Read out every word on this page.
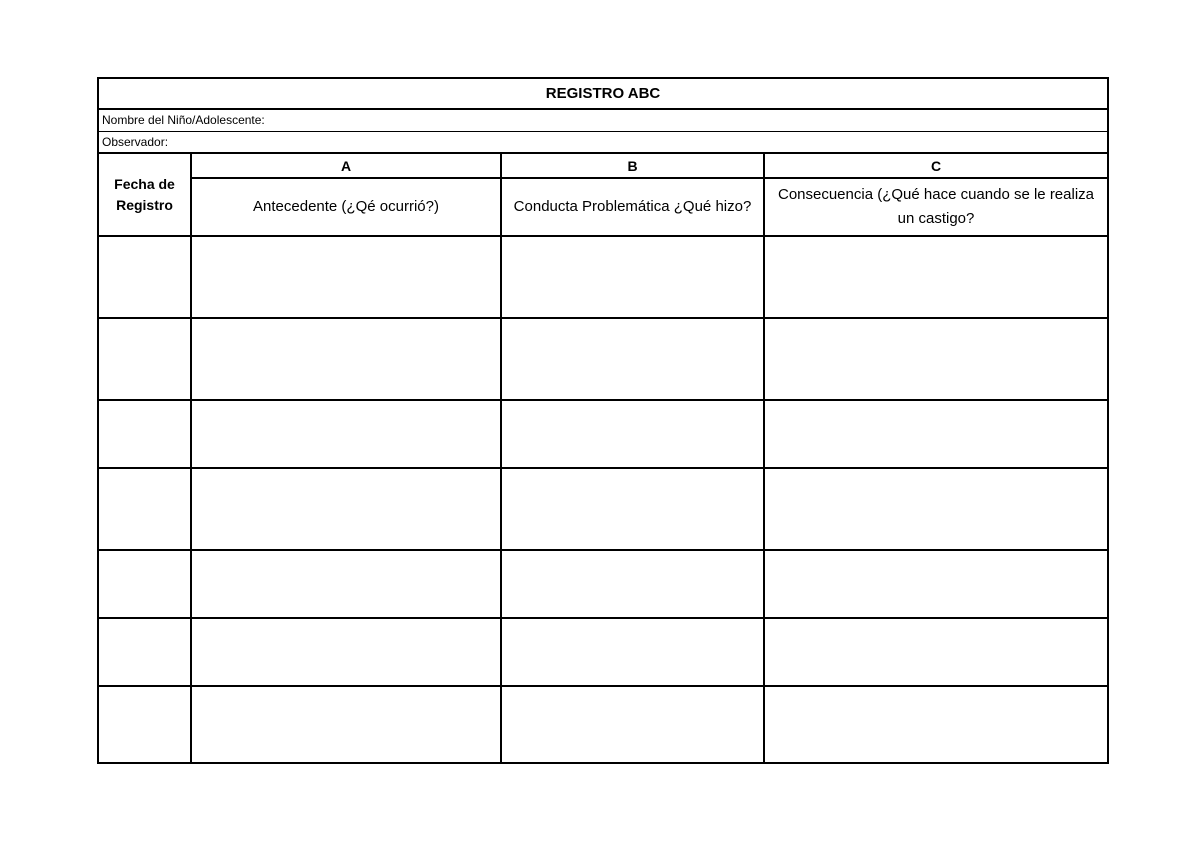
REGISTRO ABC			
Nombre del Niño/Adolescente:			
Observador:			
Fecha de Registro	A	B	C
	Antecedente (¿Qé ocurrió?)	Conducta Problemática ¿Qué hizo?	Consecuencia (¿Qué hace cuando se le realiza un castigo?
